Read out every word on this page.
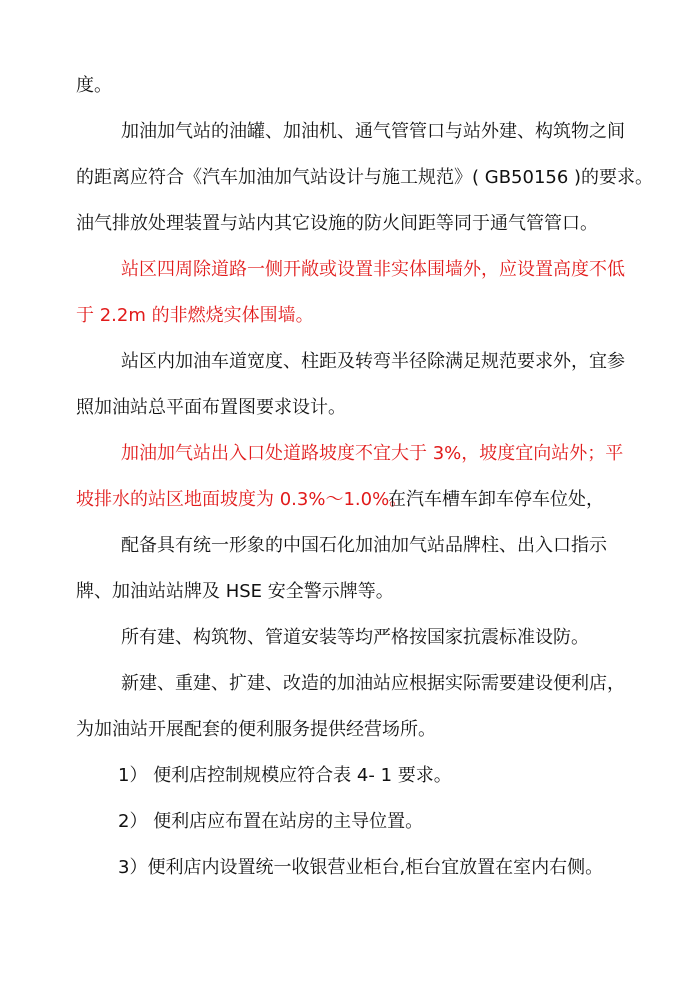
度。
加油加气站的油罐、加油机、通气管管口与站外建、构筑物之间
的距离应符合《汽车加油加气站设计与施工规范》( GB50156 )的要求。
油气排放处理装置与站内其它设施的防火间距等同于通气管管口。
站区四周除道路一侧开敞或设置非实体围墙外，应设置高度不低
于 2.2m 的非燃烧实体围墙。
站区内加油车道宽度、柱距及转弯半径除满足规范要求外，宜参
照加油站总平面布置图要求设计。
加油加气站出入口处道路坡度不宜大于 3%，坡度宜向站外；平
坡排水的站区地面坡度为 0.3%～1.0%。
在汽车槽车卸车停车位处，
配备具有统一形象的中国石化加油加气站品牌柱、出入口指示
牌、加油站站牌及 HSE 安全警示牌等。
所有建、构筑物、管道安装等均严格按国家抗震标准设防。
新建、重建、扩建、改造的加油站应根据实际需要建设便利店，
为加油站开展配套的便利服务提供经营场所。
1） 便利店控制规模应符合表 4- 1 要求。
2） 便利店应布置在站房的主导位置。
3）便利店内设置统一收银营业柜台,柜台宜放置在室内右侧。
